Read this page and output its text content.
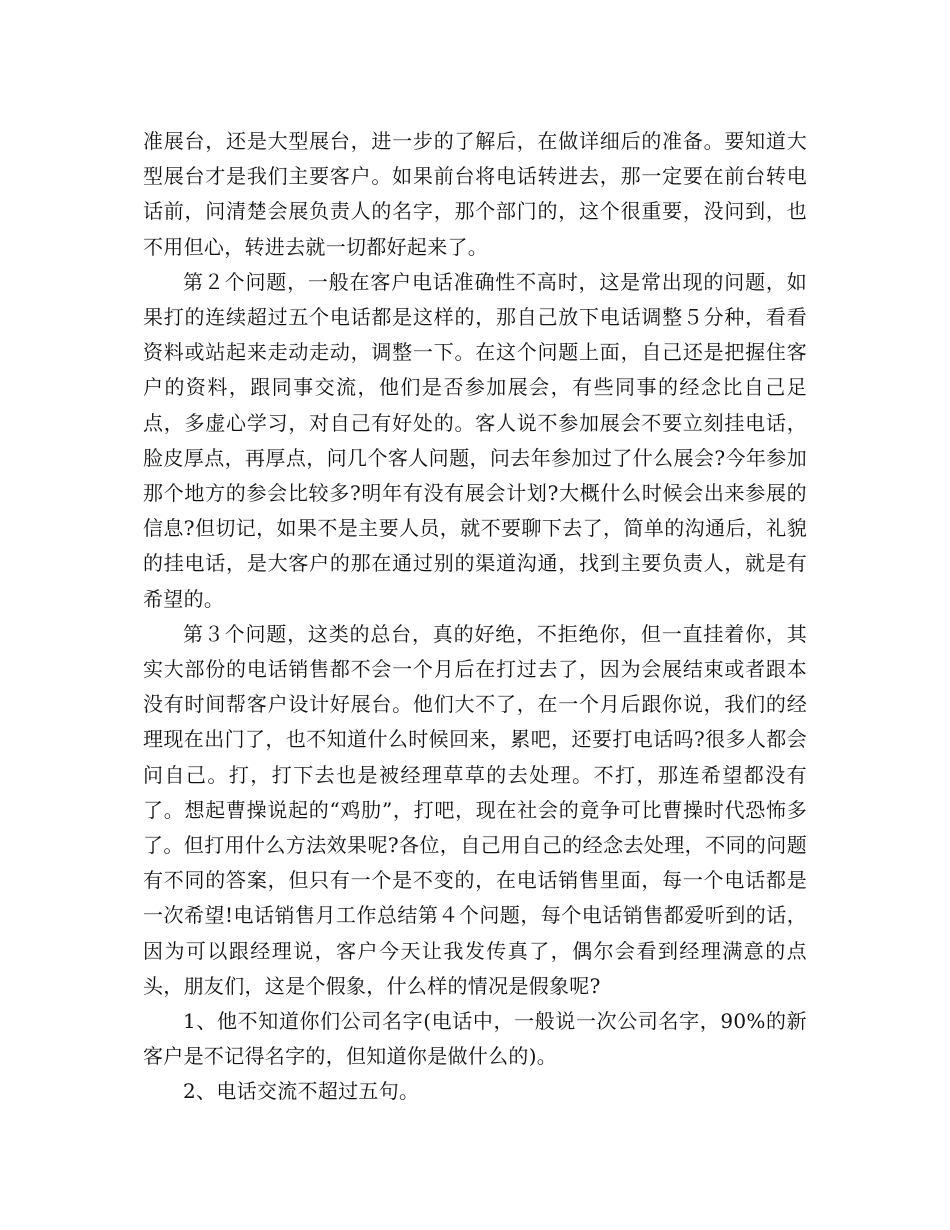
准展台，还是大型展台，进一步的了解后，在做详细后的准备。要知道大型展台才是我们主要客户。如果前台将电话转进去，那一定要在前台转电话前，问清楚会展负责人的名字，那个部门的，这个很重要，没问到，也不用但心，转进去就一切都好起来了。

第２个问题，一般在客户电话准确性不高时，这是常出现的问题，如果打的连续超过五个电话都是这样的，那自己放下电话调整５分种，看看资料或站起来走动走动，调整一下。在这个问题上面，自己还是把握住客户的资料，跟同事交流，他们是否参加展会，有些同事的经念比自己足点，多虚心学习，对自己有好处的。客人说不参加展会不要立刻挂电话，脸皮厚点，再厚点，问几个客人问题，问去年参加过了什么展会?今年参加那个地方的参会比较多?明年有没有展会计划?大概什么时候会出来参展的信息?但切记，如果不是主要人员，就不要聊下去了，简单的沟通后，礼貌的挂电话，是大客户的那在通过别的渠道沟通，找到主要负责人，就是有希望的。

第３个问题，这类的总台，真的好绝，不拒绝你，但一直挂着你，其实大部份的电话销售都不会一个月后在打过去了，因为会展结束或者跟本没有时间帮客户设计好展台。他们大不了，在一个月后跟你说，我们的经理现在出门了，也不知道什么时候回来，累吧，还要打电话吗?很多人都会问自己。打，打下去也是被经理草草的去处理。不打，那连希望都没有了。想起曹操说起的“鸡肋”，打吧，现在社会的竟争可比曹操时代恐怖多了。但打用什么方法效果呢?各位，自己用自己的经念去处理，不同的问题有不同的答案，但只有一个是不变的，在电话销售里面，每一个电话都是一次希望!电话销售月工作总结第４个问题，每个电话销售都爱听到的话，因为可以跟经理说，客户今天让我发传真了，偶尔会看到经理满意的点头，朋友们，这是个假象，什么样的情况是假象呢?

1、他不知道你们公司名字(电话中，一般说一次公司名字，90%的新客户是不记得名字的，但知道你是做什么的)。

2、电话交流不超过五句。
